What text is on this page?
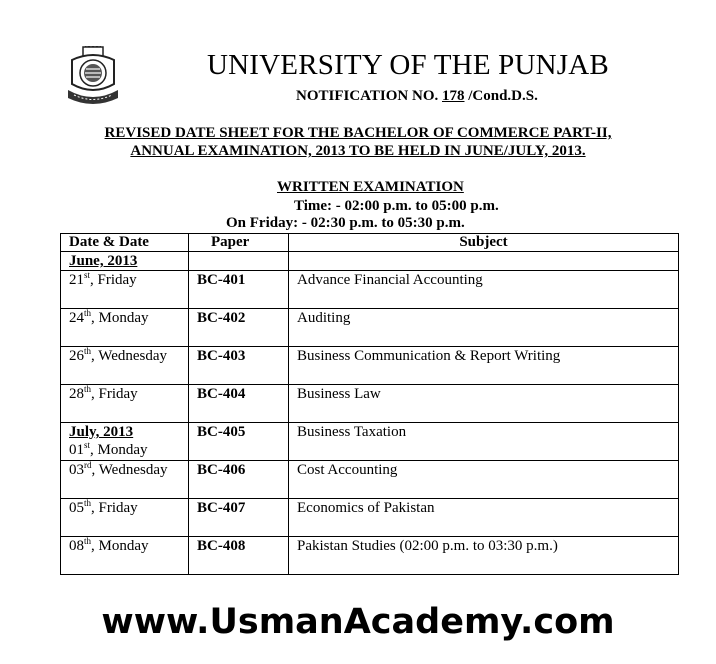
UNIVERSITY OF THE PUNJAB
NOTIFICATION NO. 178 /Cond.D.S.
REVISED DATE SHEET FOR THE BACHELOR OF COMMERCE PART-II,
ANNUAL EXAMINATION, 2013 TO BE HELD IN JUNE/JULY, 2013.
WRITTEN EXAMINATION
Time: - 02:00 p.m. to 05:00 p.m.
On Friday: - 02:30 p.m. to 05:30 p.m.
Date & Date	Paper	Subject
June, 2013		
21st, Friday	BC-401	Advance Financial Accounting
24th, Monday	BC-402	Auditing
26th, Wednesday	BC-403	Business Communication & Report Writing
28th, Friday	BC-404	Business Law
July, 2013
01st, Monday	BC-405	Business Taxation
03rd, Wednesday	BC-406	Cost Accounting
05th, Friday	BC-407	Economics of Pakistan
08th, Monday	BC-408	Pakistan Studies (02:00 p.m. to 03:30 p.m.)
www.UsmanAcademy.com
